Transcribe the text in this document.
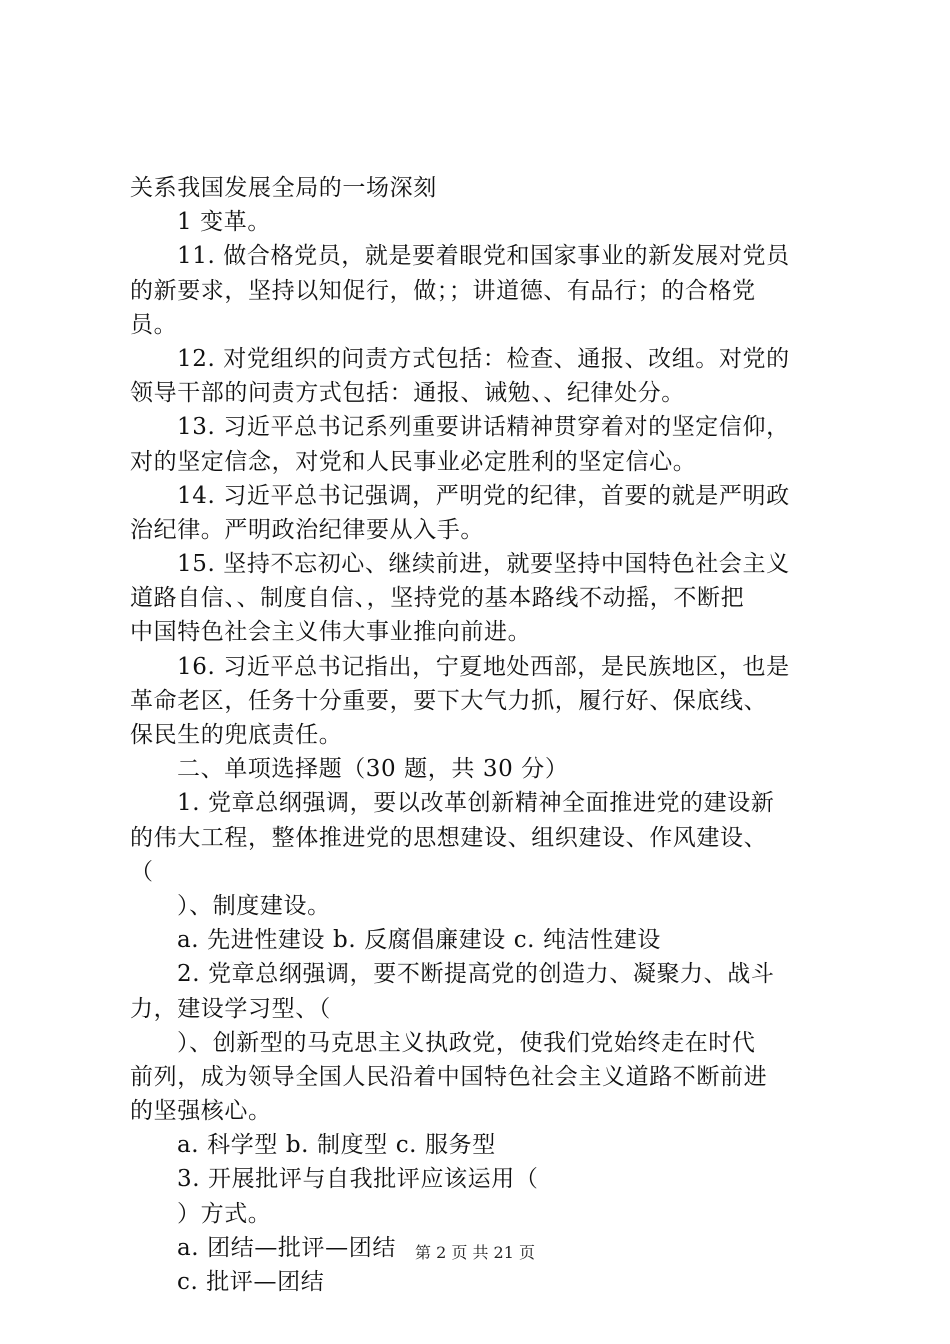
关系我国发展全局的一场深刻
1 变革。
11. 做合格党员，就是要着眼党和国家事业的新发展对党员
的新要求，坚持以知促行，做；；讲道德、有品行；的合格党
员。
12. 对党组织的问责方式包括：检查、通报、改组。对党的
领导干部的问责方式包括：通报、诫勉、、纪律处分。
13. 习近平总书记系列重要讲话精神贯穿着对的坚定信仰，
对的坚定信念，对党和人民事业必定胜利的坚定信心。
14. 习近平总书记强调，严明党的纪律，首要的就是严明政
治纪律。严明政治纪律要从入手。
15. 坚持不忘初心、继续前进，就要坚持中国特色社会主义
道路自信、、制度自信、，坚持党的基本路线不动摇，不断把
中国特色社会主义伟大事业推向前进。
16. 习近平总书记指出，宁夏地处西部，是民族地区，也是
革命老区，任务十分重要，要下大气力抓，履行好、保底线、
保民生的兜底责任。
二、单项选择题（30 题，共 30 分）
1. 党章总纲强调，要以改革创新精神全面推进党的建设新
的伟大工程，整体推进党的思想建设、组织建设、作风建设、
（
）、制度建设。
a. 先进性建设 b. 反腐倡廉建设 c. 纯洁性建设
2. 党章总纲强调，要不断提高党的创造力、凝聚力、战斗
力，建设学习型、（
）、创新型的马克思主义执政党，使我们党始终走在时代
前列，成为领导全国人民沿着中国特色社会主义道路不断前进
的坚强核心。
a. 科学型 b. 制度型 c. 服务型
3. 开展批评与自我批评应该运用（
）方式。
a. 团结—批评—团结
c. 批评—团结
第 2 页 共 21 页
